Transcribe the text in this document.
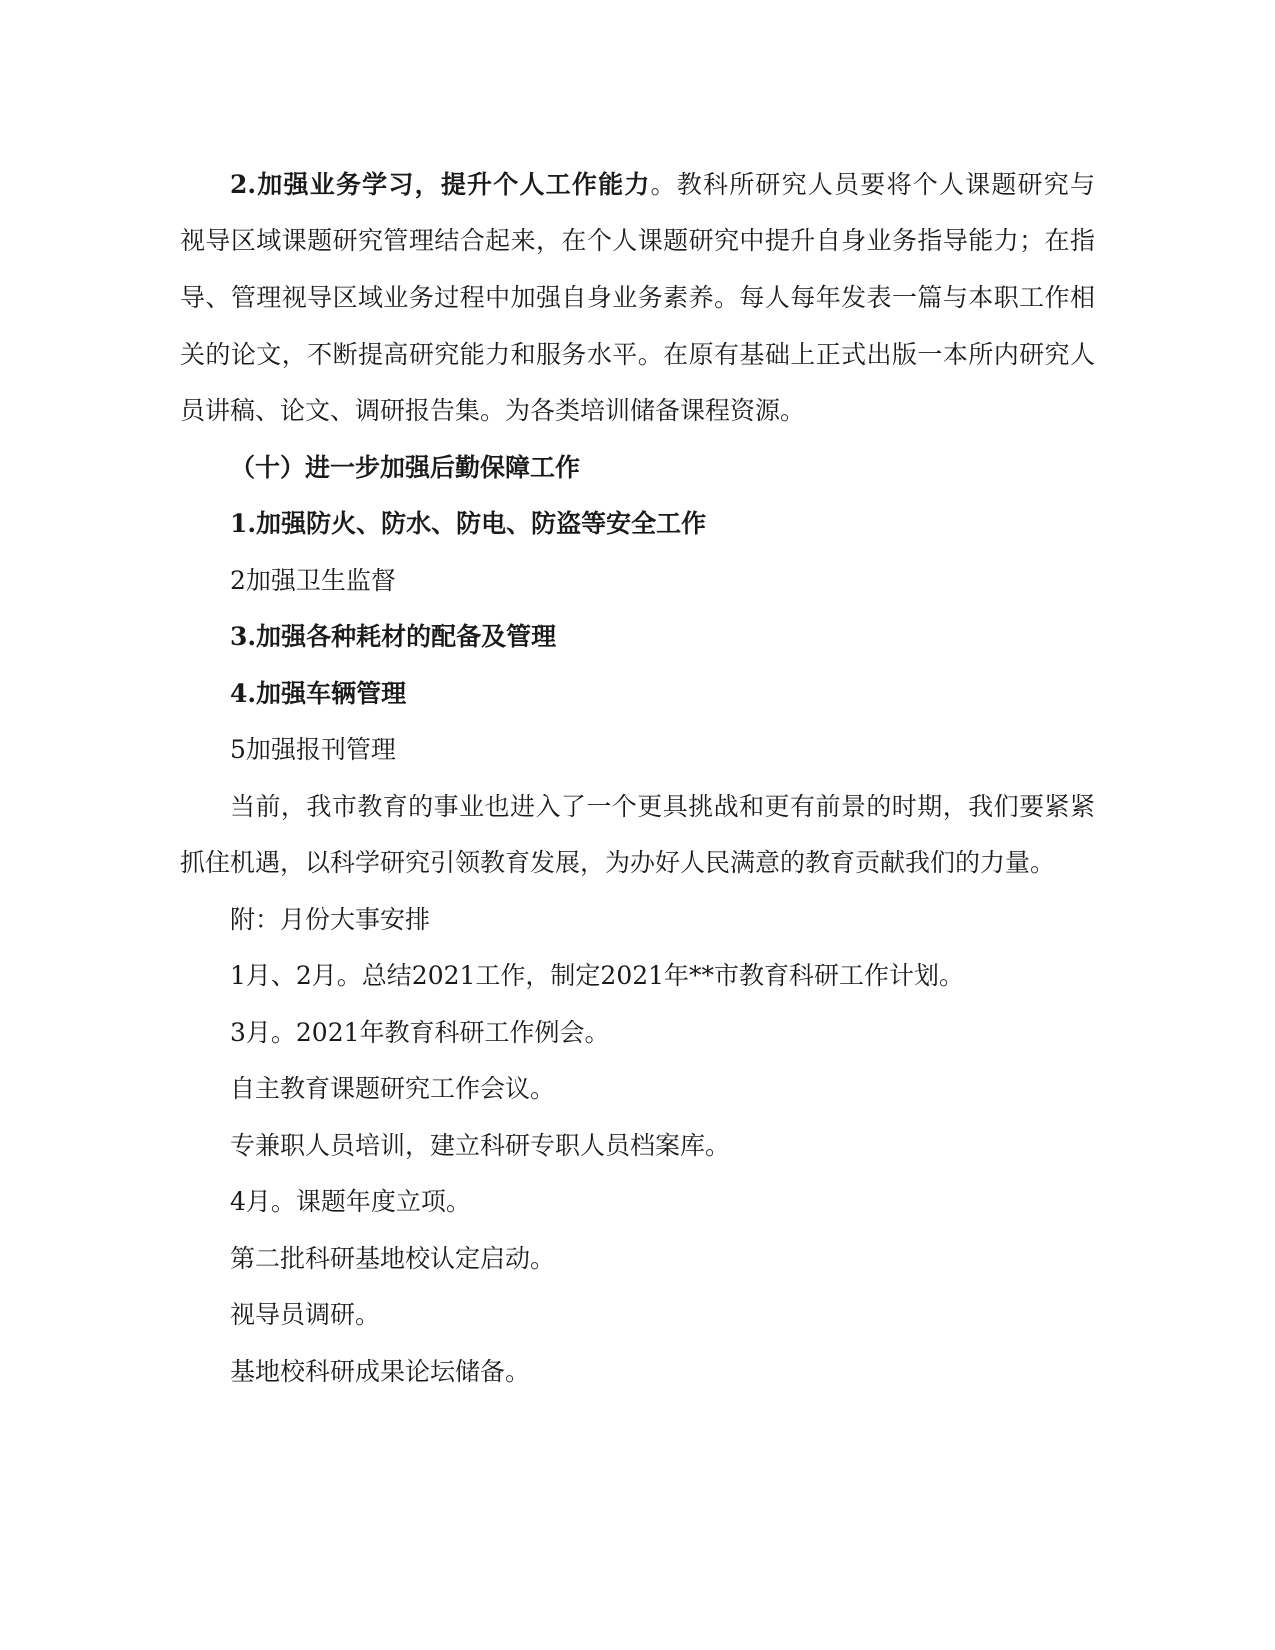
2.加强业务学习，提升个人工作能力。教科所研究人员要将个人课题研究与

视导区域课题研究管理结合起来，在个人课题研究中提升自身业务指导能力；在指

导、管理视导区域业务过程中加强自身业务素养。每人每年发表一篇与本职工作相

关的论文，不断提高研究能力和服务水平。在原有基础上正式出版一本所内研究人

员讲稿、论文、调研报告集。为各类培训储备课程资源。

（十）进一步加强后勤保障工作

1.加强防火、防水、防电、防盗等安全工作

2加强卫生监督

3.加强各种耗材的配备及管理

4.加强车辆管理

5加强报刊管理

当前，我市教育的事业也进入了一个更具挑战和更有前景的时期，我们要紧紧

抓住机遇，以科学研究引领教育发展，为办好人民满意的教育贡献我们的力量。

附：月份大事安排

1月、2月。总结2021工作，制定2021年**市教育科研工作计划。

3月。2021年教育科研工作例会。

自主教育课题研究工作会议。

专兼职人员培训，建立科研专职人员档案库。

4月。课题年度立项。

第二批科研基地校认定启动。

视导员调研。

基地校科研成果论坛储备。
